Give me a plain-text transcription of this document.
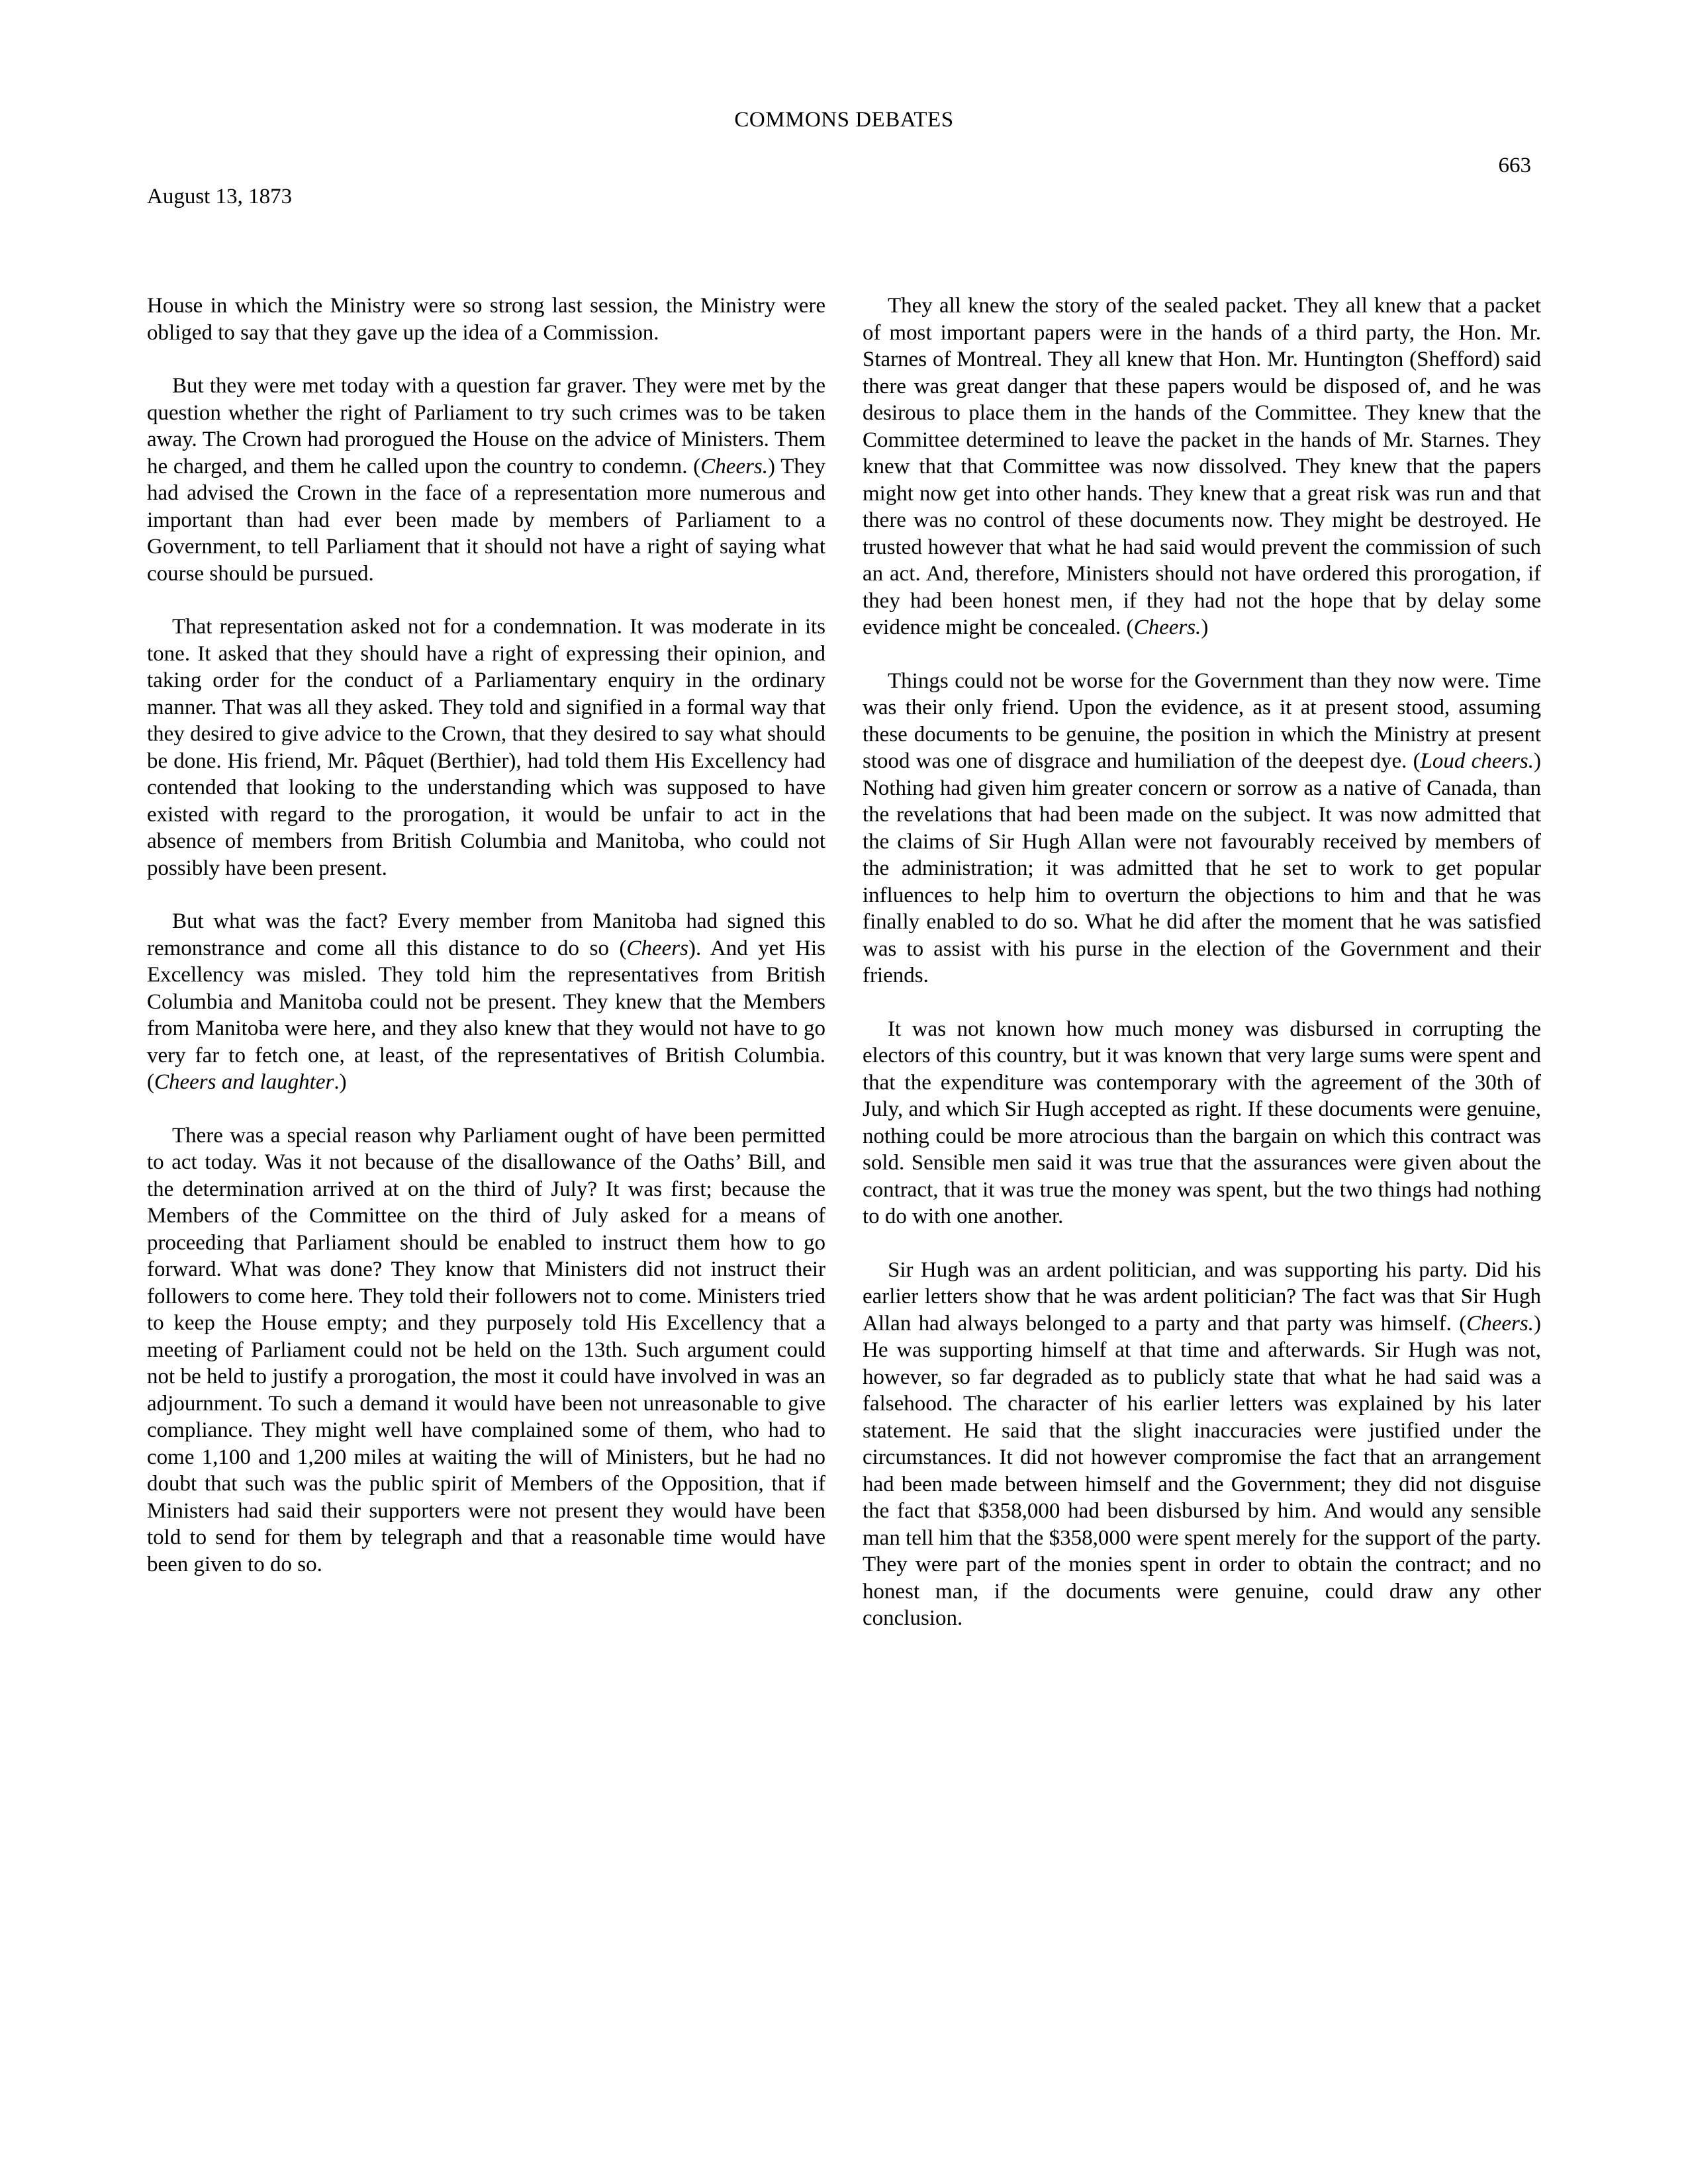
COMMONS DEBATES
663
August 13, 1873

House in which the Ministry were so strong last session, the Ministry were obliged to say that they gave up the idea of a Commission.

But they were met today with a question far graver. They were met by the question whether the right of Parliament to try such crimes was to be taken away. The Crown had prorogued the House on the advice of Ministers. Them he charged, and them he called upon the country to condemn. (Cheers.) They had advised the Crown in the face of a representation more numerous and important than had ever been made by members of Parliament to a Government, to tell Parliament that it should not have a right of saying what course should be pursued.

That representation asked not for a condemnation. It was moderate in its tone. It asked that they should have a right of expressing their opinion, and taking order for the conduct of a Parliamentary enquiry in the ordinary manner. That was all they asked. They told and signified in a formal way that they desired to give advice to the Crown, that they desired to say what should be done. His friend, Mr. Pâquet (Berthier), had told them His Excellency had contended that looking to the understanding which was supposed to have existed with regard to the prorogation, it would be unfair to act in the absence of members from British Columbia and Manitoba, who could not possibly have been present.

But what was the fact? Every member from Manitoba had signed this remonstrance and come all this distance to do so (Cheers). And yet His Excellency was misled. They told him the representatives from British Columbia and Manitoba could not be present. They knew that the Members from Manitoba were here, and they also knew that they would not have to go very far to fetch one, at least, of the representatives of British Columbia. (Cheers and laughter.)

There was a special reason why Parliament ought of have been permitted to act today. Was it not because of the disallowance of the Oaths’ Bill, and the determination arrived at on the third of July? It was first; because the Members of the Committee on the third of July asked for a means of proceeding that Parliament should be enabled to instruct them how to go forward. What was done? They know that Ministers did not instruct their followers to come here. They told their followers not to come. Ministers tried to keep the House empty; and they purposely told His Excellency that a meeting of Parliament could not be held on the 13th. Such argument could not be held to justify a prorogation, the most it could have involved in was an adjournment. To such a demand it would have been not unreasonable to give compliance. They might well have complained some of them, who had to come 1,100 and 1,200 miles at waiting the will of Ministers, but he had no doubt that such was the public spirit of Members of the Opposition, that if Ministers had said their supporters were not present they would have been told to send for them by telegraph and that a reasonable time would have been given to do so.

They all knew the story of the sealed packet. They all knew that a packet of most important papers were in the hands of a third party, the Hon. Mr. Starnes of Montreal. They all knew that Hon. Mr. Huntington (Shefford) said there was great danger that these papers would be disposed of, and he was desirous to place them in the hands of the Committee. They knew that the Committee determined to leave the packet in the hands of Mr. Starnes. They knew that that Committee was now dissolved. They knew that the papers might now get into other hands. They knew that a great risk was run and that there was no control of these documents now. They might be destroyed. He trusted however that what he had said would prevent the commission of such an act. And, therefore, Ministers should not have ordered this prorogation, if they had been honest men, if they had not the hope that by delay some evidence might be concealed. (Cheers.)

Things could not be worse for the Government than they now were. Time was their only friend. Upon the evidence, as it at present stood, assuming these documents to be genuine, the position in which the Ministry at present stood was one of disgrace and humiliation of the deepest dye. (Loud cheers.) Nothing had given him greater concern or sorrow as a native of Canada, than the revelations that had been made on the subject. It was now admitted that the claims of Sir Hugh Allan were not favourably received by members of the administration; it was admitted that he set to work to get popular influences to help him to overturn the objections to him and that he was finally enabled to do so. What he did after the moment that he was satisfied was to assist with his purse in the election of the Government and their friends.

It was not known how much money was disbursed in corrupting the electors of this country, but it was known that very large sums were spent and that the expenditure was contemporary with the agreement of the 30th of July, and which Sir Hugh accepted as right. If these documents were genuine, nothing could be more atrocious than the bargain on which this contract was sold. Sensible men said it was true that the assurances were given about the contract, that it was true the money was spent, but the two things had nothing to do with one another.

Sir Hugh was an ardent politician, and was supporting his party. Did his earlier letters show that he was ardent politician? The fact was that Sir Hugh Allan had always belonged to a party and that party was himself. (Cheers.) He was supporting himself at that time and afterwards. Sir Hugh was not, however, so far degraded as to publicly state that what he had said was a falsehood. The character of his earlier letters was explained by his later statement. He said that the slight inaccuracies were justified under the circumstances. It did not however compromise the fact that an arrangement had been made between himself and the Government; they did not disguise the fact that $358,000 had been disbursed by him. And would any sensible man tell him that the $358,000 were spent merely for the support of the party. They were part of the monies spent in order to obtain the contract; and no honest man, if the documents were genuine, could draw any other conclusion.
